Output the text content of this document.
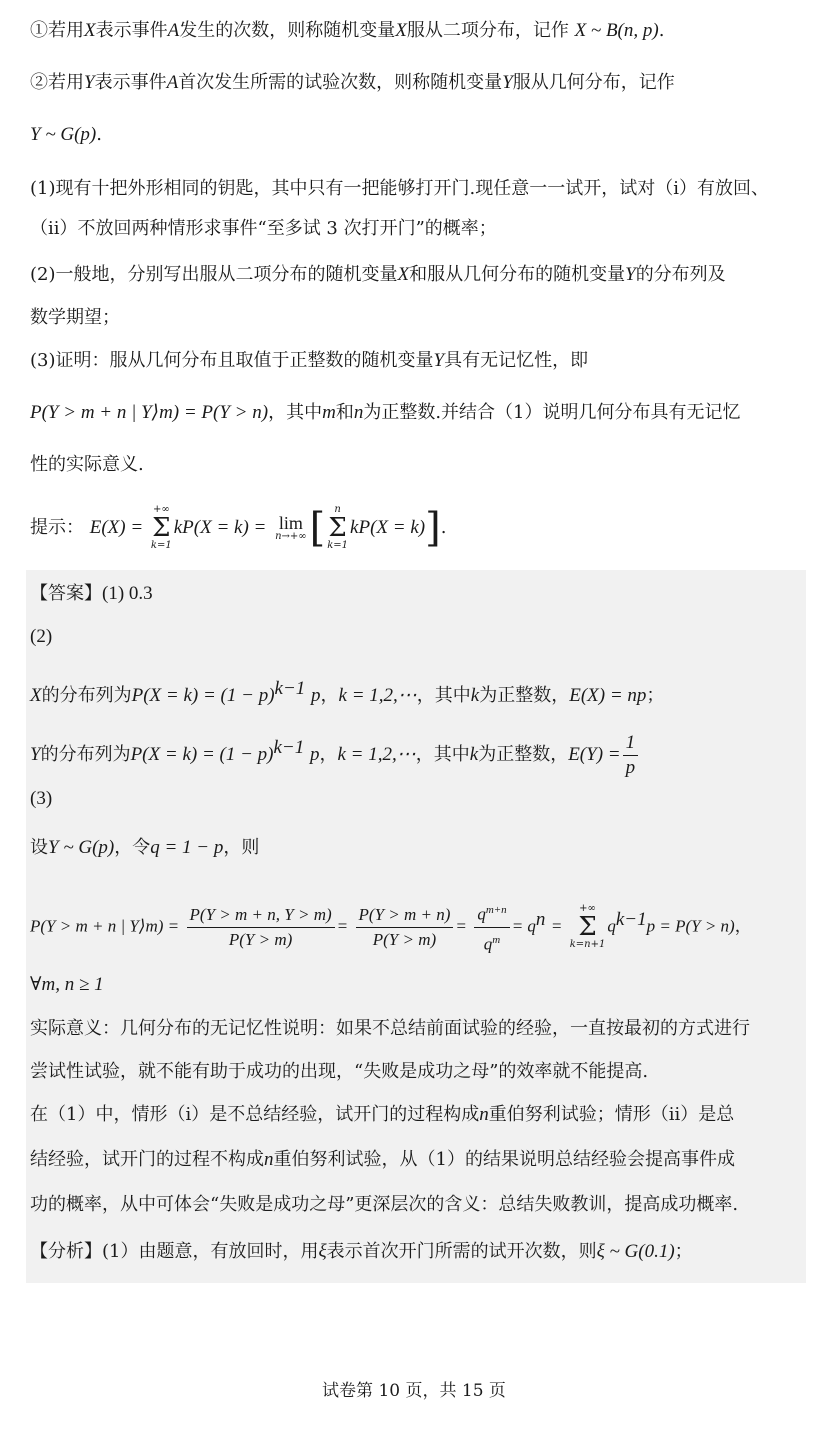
①若用X表示事件A发生的次数，则称随机变量X服从二项分布，记作 X ~ B(n, p).
②若用Y表示事件A首次发生所需的试验次数，则称随机变量Y服从几何分布，记作
Y ~ G(p).
(1)现有十把外形相同的钥匙，其中只有一把能够打开门.现任意一一试开，试对（i）有放回、
（ii）不放回两种情形求事件“至多试 3 次打开门”的概率；
(2)一般地，分别写出服从二项分布的随机变量X和服从几何分布的随机变量Y的分布列及
数学期望；
(3)证明：服从几何分布且取值于正整数的随机变量Y具有无记忆性，即
P(Y > m + n | Y⟩m) = P(Y > n)，其中m和n为正整数.并结合（1）说明几何分布具有无记忆
性的实际意义.
提示： E(X) =
+∞
Σ
k=1
kP(X = k) = lim
n→+∞ [ n
Σ
k=1
kP(X = k)].
【答案】(1) 0.3
(2)
X的分布列为$P(X = k) = (1 - p)^{k-1}$ p，k = 1,2,⋯，其中k为正整数，E(X) = np；
Y的分布列为$P(X = k) = (1 - p)^{k-1}$ p，k = 1,2,⋯，其中k为正整数，$E(Y) = \frac{1}{p}$
(3)
设Y ~ G(p)，令q = 1 − p，则
P(Y > m + n | Y⟩m) = $\frac{P(Y > m + n, Y > m)}{P(Y > m)} = \frac{P(Y > m + n)}{P(Y > m)} = \frac{q^{m+n}}{q^m} = q^n$ =
+∞
Σ
k=n+1
$q^{k-1}p = P(Y > n)$，
∀m, n ≥ 1
实际意义：几何分布的无记忆性说明：如果不总结前面试验的经验，一直按最初的方式进行
尝试性试验，就不能有助于成功的出现，“失败是成功之母”的效率就不能提高.
在（1）中，情形（i）是不总结经验，试开门的过程构成n重伯努利试验；情形（ii）是总
结经验，试开门的过程不构成n重伯努利试验，从（1）的结果说明总结经验会提高事件成
功的概率，从中可体会“失败是成功之母”更深层次的含义：总结失败教训，提高成功概率.
【分析】(1）由题意，有放回时，用ξ表示首次开门所需的试开次数，则ξ ~ G(0.1)；
试卷第 10 页，共 15 页
